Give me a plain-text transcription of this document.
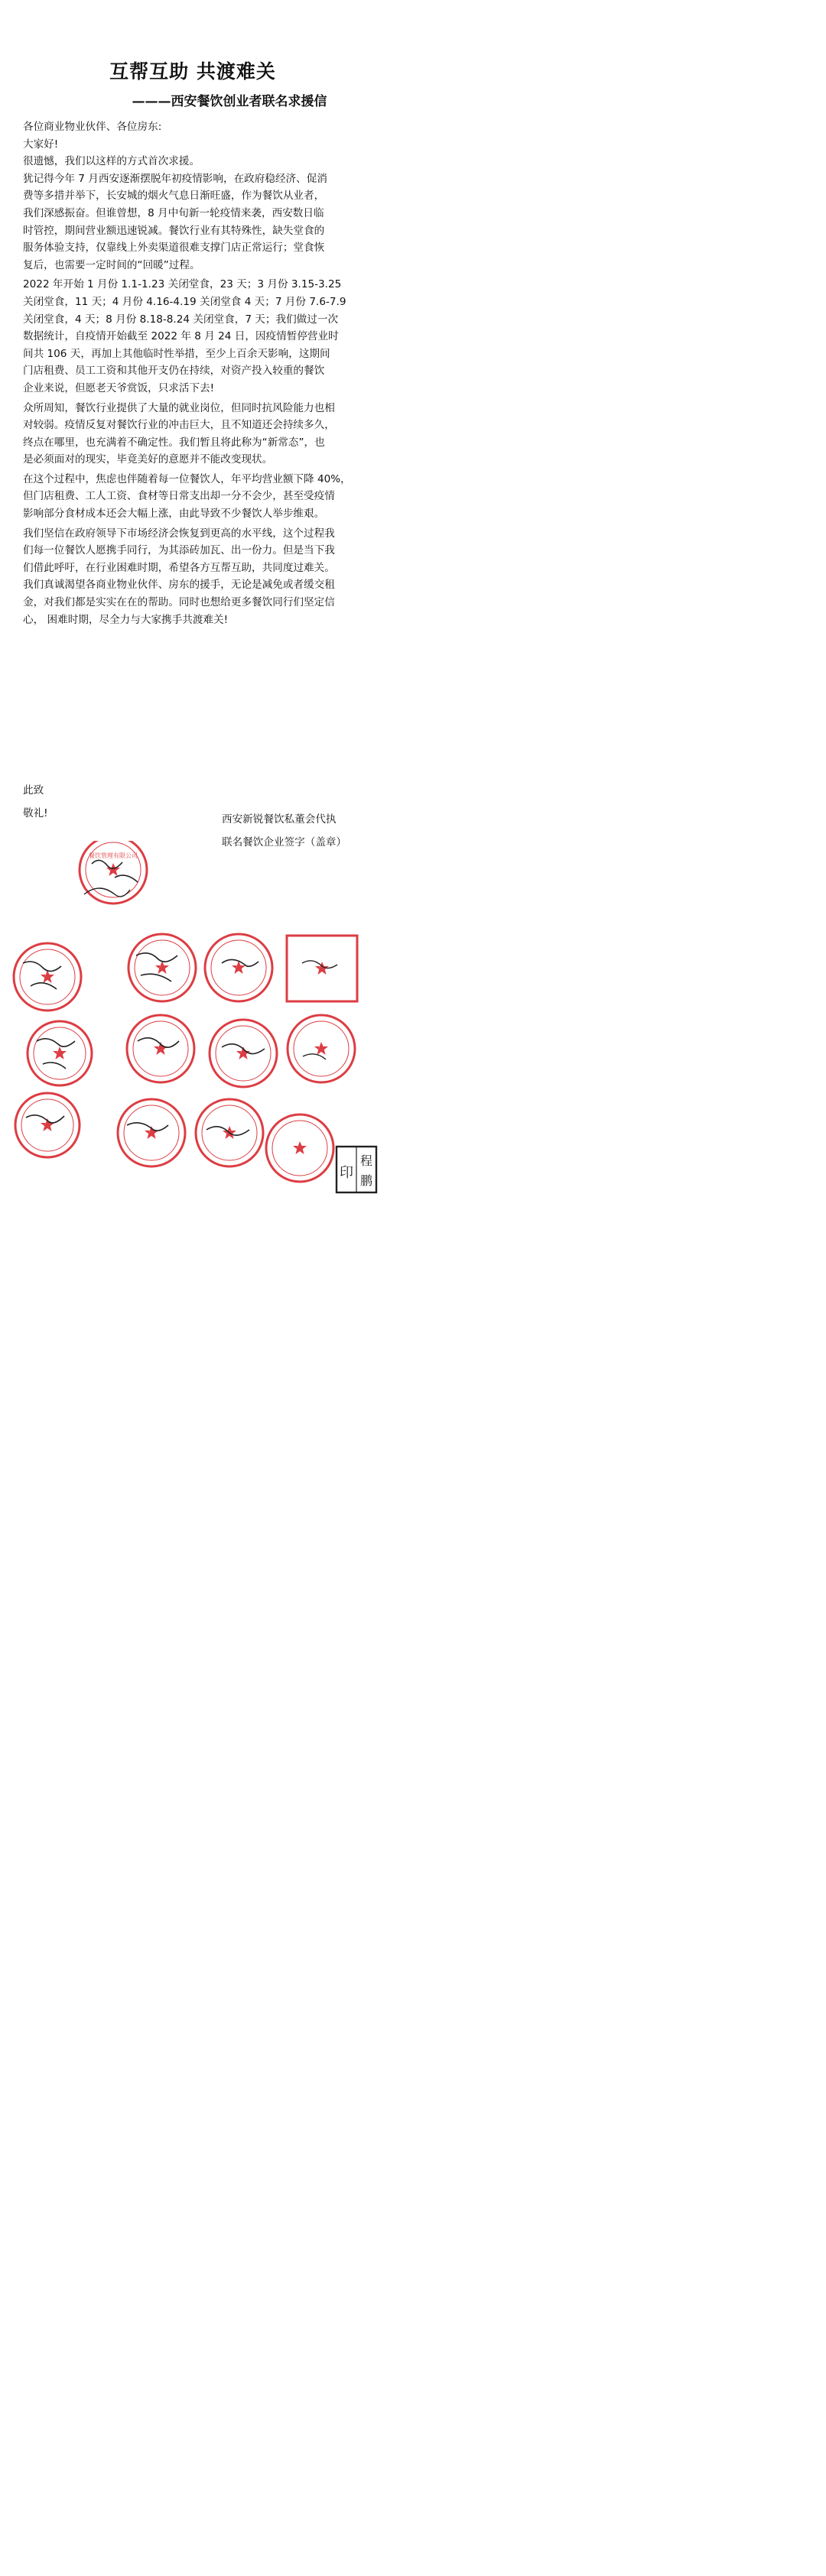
互帮互助 共渡难关
———西安餐饮创业者联名求援信
各位商业物业伙伴、各位房东:
大家好!
很遗憾，我们以这样的方式首次求援。
犹记得今年 7 月西安逐渐摆脱年初疫情影响，在政府稳经济、促消
费等多措并举下，长安城的烟火气息日渐旺盛，作为餐饮从业者，
我们深感振奋。但谁曾想，8 月中旬新一轮疫情来袭，西安数日临
时管控，期间营业额迅速锐减。餐饮行业有其特殊性，缺失堂食的
服务体验支持，仅靠线上外卖渠道很难支撑门店正常运行；堂食恢
复后，也需要一定时间的“回暖”过程。
2022 年开始 1 月份 1.1-1.23 关闭堂食，23 天；3 月份 3.15-3.25
关闭堂食，11 天；4 月份 4.16-4.19 关闭堂食 4 天；7 月份 7.6-7.9
关闭堂食，4 天；8 月份 8.18-8.24 关闭堂食，7 天；我们做过一次
数据统计，自疫情开始截至 2022 年 8 月 24 日，因疫情暂停营业时
间共 106 天，再加上其他临时性举措，至少上百余天影响，这期间
门店租费、员工工资和其他开支仍在持续，对资产投入较重的餐饮
企业来说，但愿老天爷赏饭，只求活下去!
众所周知，餐饮行业提供了大量的就业岗位，但同时抗风险能力也相
对较弱。疫情反复对餐饮行业的冲击巨大，且不知道还会持续多久，
终点在哪里，也充满着不确定性。我们暂且将此称为“新常态”，也
是必须面对的现实，毕竟美好的意愿并不能改变现状。
在这个过程中，焦虑也伴随着每一位餐饮人，年平均营业额下降 40%，
但门店租费、工人工资、食材等日常支出却一分不会少，甚至受疫情
影响部分食材成本还会大幅上涨，由此导致不少餐饮人举步维艰。
我们坚信在政府领导下市场经济会恢复到更高的水平线，这个过程我
们每一位餐饮人愿携手同行，为其添砖加瓦、出一份力。但是当下我
们借此呼吁，在行业困难时期，希望各方互帮互助，共同度过难关。
我们真诚渴望各商业物业伙伴、房东的援手，无论是减免或者缓交租
金，对我们都是实实在在的帮助。同时也想给更多餐饮同行们坚定信
心， 困难时期，尽全力与大家携手共渡难关!
此致
敬礼!	西安新锐餐饮私董会代执
联名餐饮企业签字（盖章）
餐饮管理有限公司
印
程
鹏
